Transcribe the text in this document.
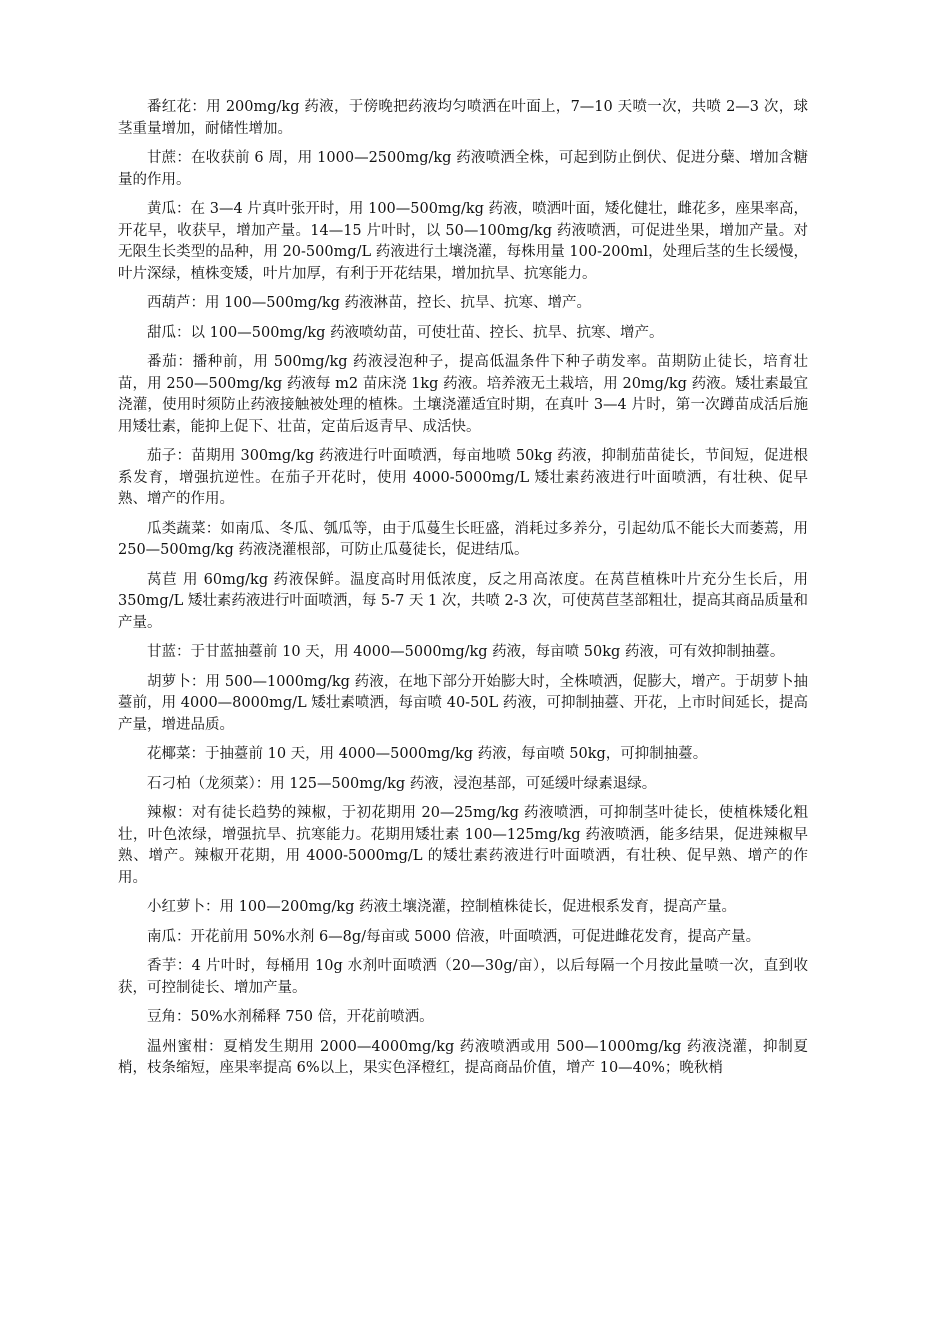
番红花：用 200mg/kg 药液，于傍晚把药液均匀喷洒在叶面上，7—10 天喷一次，共喷 2—3 次，球茎重量增加，耐储性增加。

甘蔗：在收获前 6 周，用 1000—2500mg/kg 药液喷洒全株，可起到防止倒伏、促进分蘖、增加含糖量的作用。

黄瓜：在 3—4 片真叶张开时，用 100—500mg/kg 药液，喷洒叶面，矮化健壮，雌花多，座果率高，开花早，收获早，增加产量。14—15 片叶时，以 50—100mg/kg 药液喷洒，可促进坐果，增加产量。对无限生长类型的品种，用 20-500mg/L 药液进行土壤浇灌，每株用量 100-200ml，处理后茎的生长缓慢，叶片深绿，植株变矮，叶片加厚，有利于开花结果，增加抗旱、抗寒能力。

西葫芦：用 100—500mg/kg 药液淋苗，控长、抗旱、抗寒、增产。

甜瓜：以 100—500mg/kg 药液喷幼苗，可使壮苗、控长、抗旱、抗寒、增产。

番茄：播种前，用 500mg/kg 药液浸泡种子，提高低温条件下种子萌发率。苗期防止徒长，培育壮苗，用 250—500mg/kg 药液每 m2 苗床浇 1kg 药液。培养液无土栽培，用 20mg/kg 药液。矮壮素最宜浇灌，使用时须防止药液接触被处理的植株。土壤浇灌适宜时期，在真叶 3—4 片时，第一次蹲苗成活后施用矮壮素，能抑上促下、壮苗，定苗后返青早、成活快。

茄子：苗期用 300mg/kg 药液进行叶面喷洒，每亩地喷 50kg 药液，抑制茄苗徒长，节间短，促进根系发育，增强抗逆性。在茄子开花时，使用 4000-5000mg/L 矮壮素药液进行叶面喷洒，有壮秧、促早熟、增产的作用。

瓜类蔬菜：如南瓜、冬瓜、瓠瓜等，由于瓜蔓生长旺盛，消耗过多养分，引起幼瓜不能长大而萎蔫，用 250—500mg/kg 药液浇灌根部，可防止瓜蔓徒长，促进结瓜。

莴苣 用 60mg/kg 药液保鲜。温度高时用低浓度，反之用高浓度。在莴苣植株叶片充分生长后，用 350mg/L 矮壮素药液进行叶面喷洒，每 5-7 天 1 次，共喷 2-3 次，可使莴苣茎部粗壮，提高其商品质量和产量。

甘蓝：于甘蓝抽薹前 10 天，用 4000—5000mg/kg 药液，每亩喷 50kg 药液，可有效抑制抽薹。

胡萝卜：用 500—1000mg/kg 药液，在地下部分开始膨大时，全株喷洒，促膨大，增产。于胡萝卜抽薹前，用 4000—8000mg/L 矮壮素喷洒，每亩喷 40-50L 药液，可抑制抽薹、开花，上市时间延长，提高产量，增进品质。

花椰菜：于抽薹前 10 天，用 4000—5000mg/kg 药液，每亩喷 50kg，可抑制抽薹。

石刁柏（龙须菜）：用 125—500mg/kg 药液，浸泡基部，可延缓叶绿素退绿。

辣椒：对有徒长趋势的辣椒，于初花期用 20—25mg/kg 药液喷洒，可抑制茎叶徒长，使植株矮化粗壮，叶色浓绿，增强抗旱、抗寒能力。花期用矮壮素 100—125mg/kg 药液喷洒，能多结果，促进辣椒早熟、增产。辣椒开花期，用 4000-5000mg/L 的矮壮素药液进行叶面喷洒，有壮秧、促早熟、增产的作用。

小红萝卜：用 100—200mg/kg 药液土壤浇灌，控制植株徒长，促进根系发育，提高产量。

南瓜：开花前用 50%水剂 6—8g/每亩或 5000 倍液，叶面喷洒，可促进雌花发育，提高产量。

香芋：4 片叶时，每桶用 10g 水剂叶面喷洒（20—30g/亩），以后每隔一个月按此量喷一次，直到收获，可控制徒长、增加产量。

豆角：50%水剂稀释 750 倍，开花前喷洒。

温州蜜柑：夏梢发生期用 2000—4000mg/kg 药液喷洒或用 500—1000mg/kg 药液浇灌，抑制夏梢，枝条缩短，座果率提高 6%以上，果实色泽橙红，提高商品价值，增产 10—40%；晚秋梢
